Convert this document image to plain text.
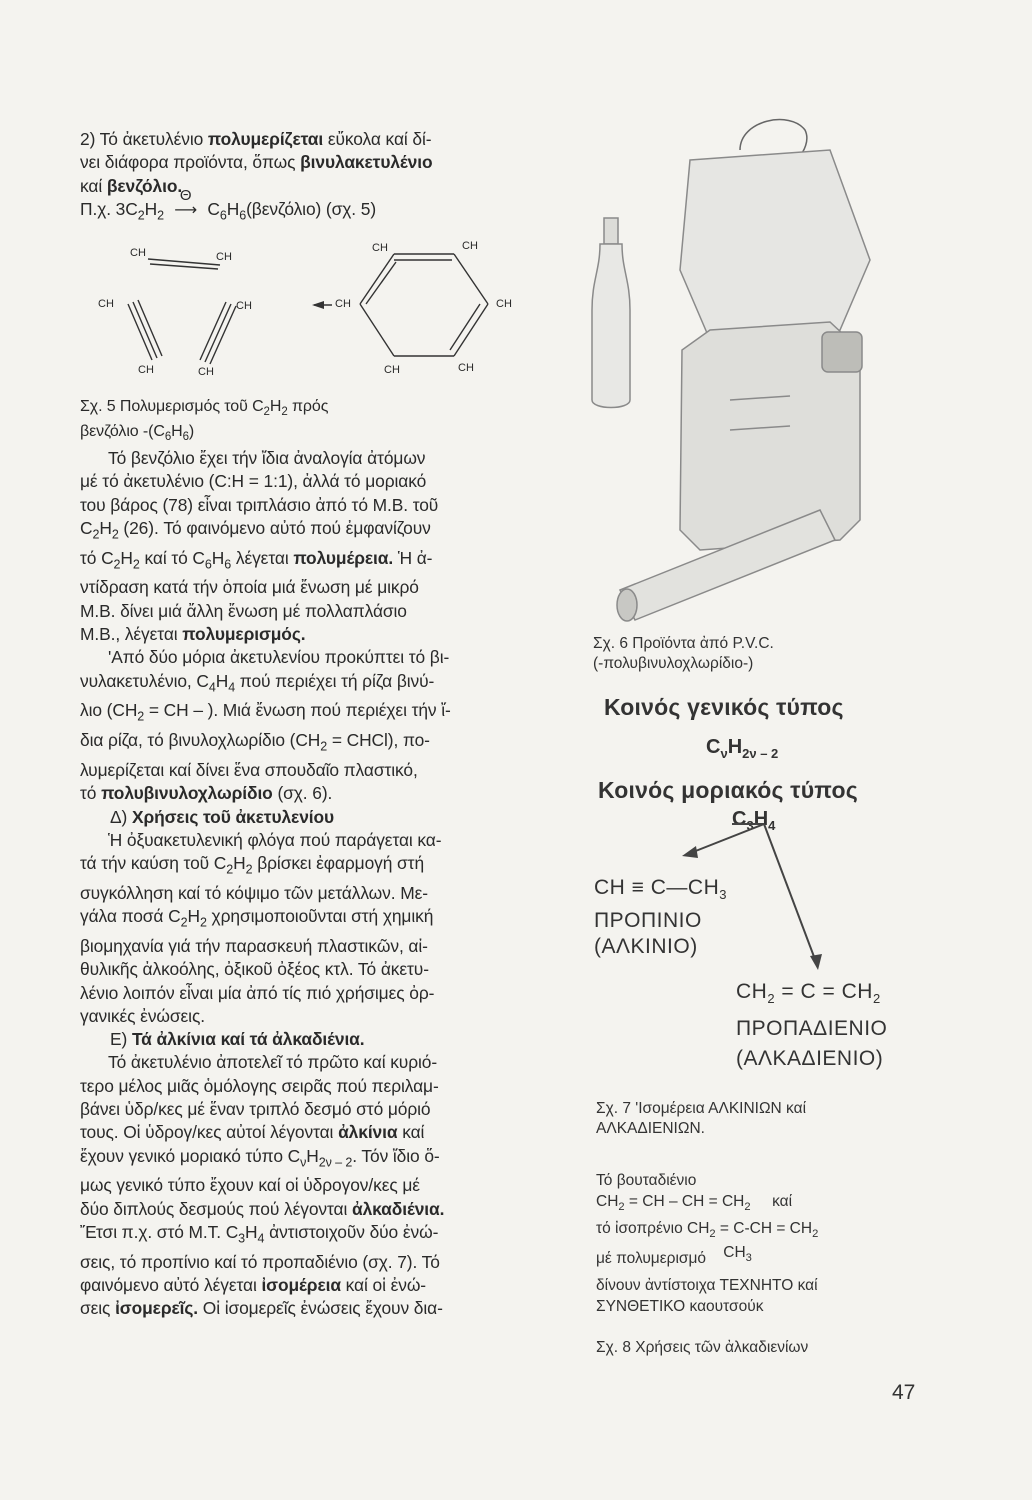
2) Τό ἀκετυλένιο πολυμερίζεται εὔκολα καί δί-
νει διάφορα προϊόντα, ὅπως βινυλακετυλένιο
καί βενζόλιο.

Π.χ. $3C_2H_2$
Θ
⟶ $C_6H_6(\beta\varepsilon\nu\zeta ό\lambda\iota o)$ (σχ. 5)

CH	CH
CH	CH
CH	CH
CH	CH
CH	CH
CH	CH

Σχ. 5 Πολυμερισμός τοῦ $C_2H_2$ πρός
βενζόλιο $-(C_6H_6)$

Τό βενζόλιο ἔχει τήν ἴδια ἀναλογία ἀτόμων
μέ τό ἀκετυλένιο (C:H = 1:1), ἀλλά τό μοριακό
του βάρος (78) εἶναι τριπλάσιο ἀπό τό Μ.Β. τοῦ
$C_2H_2$ (26). Τό φαινόμενο αὐτό πού ἐμφανίζουν
τό $C_2H_2$ καί τό $C_6H_6$ λέγεται πολυμέρεια. Ἡ ἀ-
ντίδραση κατά τήν ὁποία μιά ἔνωση μέ μικρό
Μ.Β. δίνει μιά ἄλλη ἔνωση μέ πολλαπλάσιο
Μ.Β., λέγεται πολυμερισμός.

'Από δύο μόρια ἀκετυλενίου προκύπτει τό βι-
νυλακετυλένιο, $C_4H_4$ πού περιέχει τή ρίζα βινύ-
λιο ($CH_2$ = CH – ). Μιά ἔνωση πού περιέχει τήν ἴ-
δια ρίζα, τό βινυλοχλωρίδιο ($CH_2$ = CHCl), πο-
λυμερίζεται καί δίνει ἕνα σπουδαῖο πλαστικό,
τό πολυβινυλοχλωρίδιο (σχ. 6).

Δ) Χρήσεις τοῦ ἀκετυλενίου

Ἡ ὀξυακετυλενική φλόγα πού παράγεται κα-
τά τήν καύση τοῦ $C_2H_2$ βρίσκει ἐφαρμογή στή
συγκόλληση καί τό κόψιμο τῶν μετάλλων. Με-
γάλα ποσά $C_2H_2$ χρησιμοποιοῦνται στή χημική
βιομηχανία γιά τήν παρασκευή πλαστικῶν, αἰ-
θυλικῆς ἀλκοόλης, ὀξικοῦ ὀξέος κτλ. Τό ἀκετυ-
λένιο λοιπόν εἶναι μία ἀπό τίς πιό χρήσιμες ὀρ-
γανικές ἐνώσεις.

Ε) Τά ἀλκίνια καί τά ἀλκαδιένια.

Τό ἀκετυλένιο ἀποτελεῖ τό πρῶτο καί κυριό-
τερο μέλος μιᾶς ὁμόλογης σειρᾶς πού περιλαμ-
βάνει ὑδρ/κες μέ ἕναν τριπλό δεσμό στό μόριό
τους. Οἱ ὑδρογ/κες αὐτοί λέγονται ἀλκίνια καί
ἔχουν γενικό μοριακό τύπο $C_\nu H_{2\nu - 2}$. Τόν ἴδιο ὅ-
μως γενικό τύπο ἔχουν καί οἱ ὑδρογον/κες μέ
δύο διπλούς δεσμούς πού λέγονται ἀλκαδιένια.
Ἔτσι π.χ. στό Μ.Τ. $C_3H_4$ ἀντιστοιχοῦν δύο ἐνώ-
σεις, τό προπίνιο καί τό προπαδιένιο (σχ. 7). Τό
φαινόμενο αὐτό λέγεται ἰσομέρεια καί οἱ ἐνώ-
σεις ἰσομερεῖς. Οἱ ἰσομερεῖς ἐνώσεις ἔχουν δια-

Σχ. 6 Προϊόντα ἀπό P.V.C.
(-πολυβινυλοχλωρίδιο-)
Κοινός γενικός τύπος
$C_\nu H_{2\nu - 2}$
Κοινός μοριακός τύπος
$C_3H_4$
CH ≡ $C—CH_3$
ΠΡΟΠΙΝΙΟ
(ΑΛΚΙΝΙΟ)
$CH_2 = C = CH_2$
ΠΡΟΠΑΔΙΕΝΙΟ
(ΑΛΚΑΔΙΕΝΙΟ)
Σχ. 7 'Ισομέρεια ΑΛΚΙΝΙΩΝ καί
ΑΛΚΑΔΙΕΝΙΩΝ.
Τό βουταδιένιο
$CH_2$ = CH – CH = $CH_2$ καί
τό ἰσοπρένιο $CH_2 = C-CH = CH_2$
μέ πολυμερισμό $CH_3$
δίνουν ἀντίστοιχα ΤΕΧΝΗΤΟ καί
ΣΥΝΘΕΤΙΚΟ καουτσούκ
Σχ. 8 Χρήσεις τῶν ἀλκαδιενίων
47
